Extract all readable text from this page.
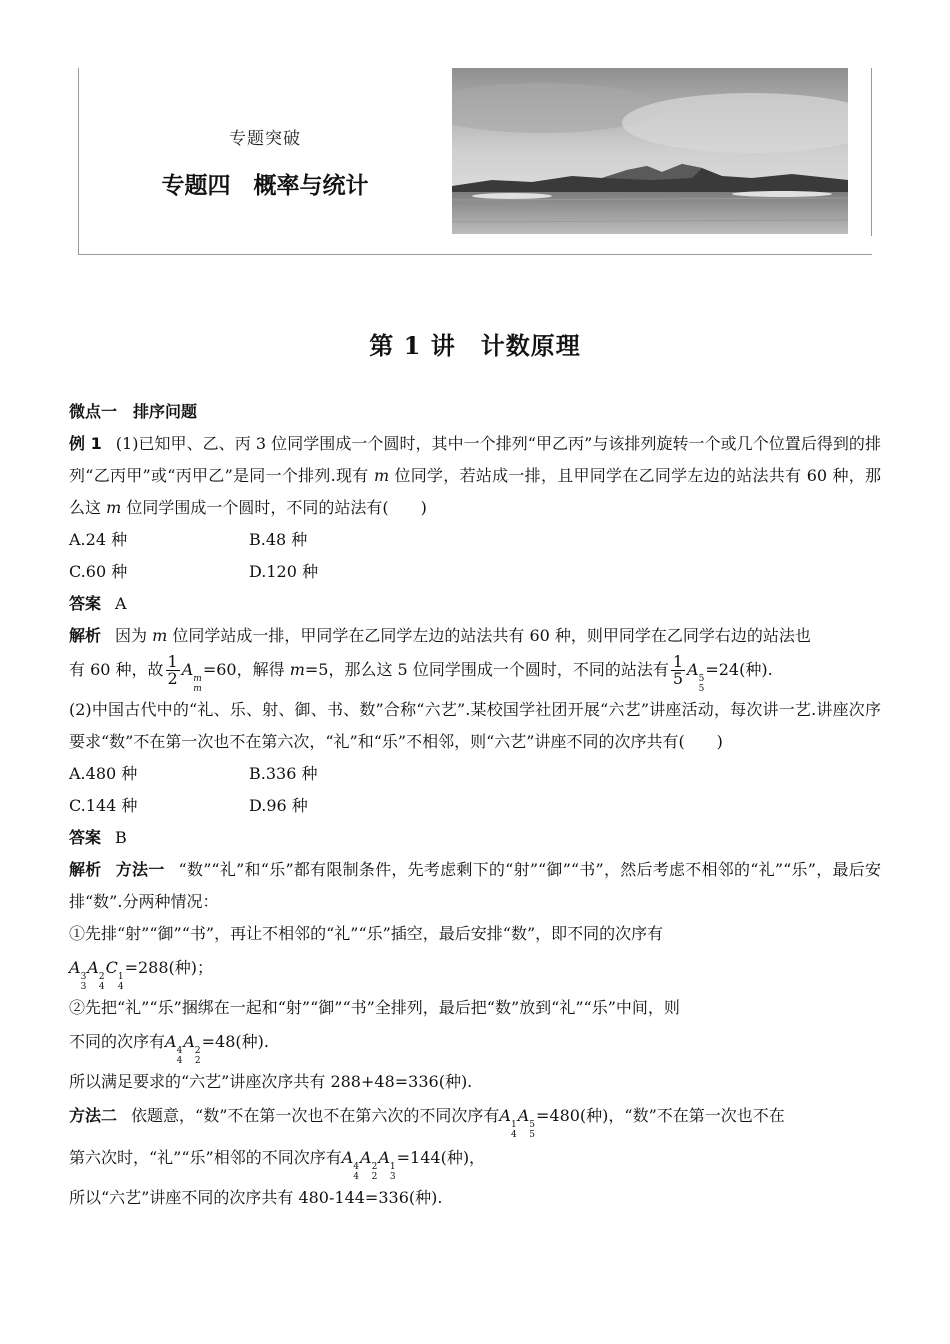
专题突破
专题四　概率与统计
第 1 讲　计数原理
微点一　排序问题
例 1 (1)已知甲、乙、丙 3 位同学围成一个圆时，其中一个排列“甲乙丙”与该排列旋转一个或几个位置后得到的排列“乙丙甲”或“丙甲乙”是同一个排列.现有 m 位同学，若站成一排，且甲同学在乙同学左边的站法共有 60 种，那么这 m 位同学围成一个圆时，不同的站法有(　　)
A.24 种	B.48 种
C.60 种	D.120 种
答案 A
解析 因为 m 位同学站成一排，甲同学在乙同学左边的站法共有 60 种，则甲同学在乙同学右边的站法也
有 60 种，故 $\frac{1}{2}$ A m
m
=60，解得 m=5，那么这 5 位同学围成一个圆时，不同的站法有 $\frac{1}{5}$ A 5
5
=24(种).
(2)中国古代中的“礼、乐、射、御、书、数”合称“六艺”.某校国学社团开展“六艺”讲座活动，每次讲一艺.讲座次序要求“数”不在第一次也不在第六次，“礼”和“乐”不相邻，则“六艺”讲座不同的次序共有(　　)
A.480 种	B.336 种
C.144 种	D.96 种
答案 B
解析 方法一 “数”“礼”和“乐”都有限制条件，先考虑剩下的“射”“御”“书”，然后考虑不相邻的“礼”“乐”，最后安排“数”.分两种情况：
①先排“射”“御”“书”，再让不相邻的“礼”“乐”插空，最后安排“数”，即不同的次序有
A 3
3
A 2
4
C 1
4
=288(种)；
②先把“礼”“乐”捆绑在一起和“射”“御”“书”全排列，最后把“数”放到“礼”“乐”中间，则
不同的次序有A 4
4
A 2
2
=48(种).
所以满足要求的“六艺”讲座次序共有 288+48=336(种).
方法二 依题意，“数”不在第一次也不在第六次的不同次序有A 1
4
A 5
5
=480(种)，“数”不在第一次也不在
第六次时，“礼”“乐”相邻的不同次序有A 4
4
A 2
2
A 1
3
=144(种)，
所以“六艺”讲座不同的次序共有 480-144=336(种).
